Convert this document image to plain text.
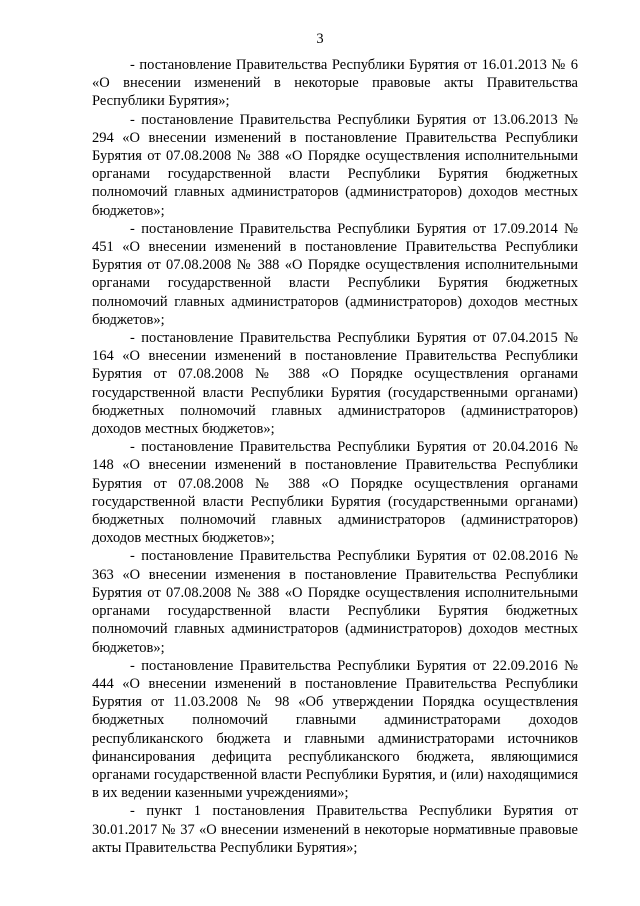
3

- постановление Правительства Республики Бурятия от 16.01.2013 № 6 «О внесении изменений в некоторые правовые акты Правительства Республики Бурятия»;

- постановление Правительства Республики Бурятия от 13.06.2013 № 294 «О внесении изменений в постановление Правительства Республики Бурятия от 07.08.2008 № 388 «О Порядке осуществления исполнительными органами государственной власти Республики Бурятия бюджетных полномочий главных администраторов (администраторов) доходов местных бюджетов»;

- постановление Правительства Республики Бурятия от 17.09.2014 № 451 «О внесении изменений в постановление Правительства Республики Бурятия от 07.08.2008 № 388 «О Порядке осуществления исполнительными органами государственной власти Республики Бурятия бюджетных полномочий главных администраторов (администраторов) доходов местных бюджетов»;

- постановление Правительства Республики Бурятия от 07.04.2015 № 164 «О внесении изменений в постановление Правительства Республики Бурятия от 07.08.2008 № 388 «О Порядке осуществления органами государственной власти Республики Бурятия (государственными органами) бюджетных полномочий главных администраторов (администраторов) доходов местных бюджетов»;

- постановление Правительства Республики Бурятия от 20.04.2016 № 148 «О внесении изменений в постановление Правительства Республики Бурятия от 07.08.2008 № 388 «О Порядке осуществления органами государственной власти Республики Бурятия (государственными органами) бюджетных полномочий главных администраторов (администраторов) доходов местных бюджетов»;

- постановление Правительства Республики Бурятия от 02.08.2016 № 363 «О внесении изменения в постановление Правительства Республики Бурятия от 07.08.2008 № 388 «О Порядке осуществления исполнительными органами государственной власти Республики Бурятия бюджетных полномочий главных администраторов (администраторов) доходов местных бюджетов»;

- постановление Правительства Республики Бурятия от 22.09.2016 № 444 «О внесении изменений в постановление Правительства Республики Бурятия от 11.03.2008 № 98 «Об утверждении Порядка осуществления бюджетных полномочий главными администраторами доходов республиканского бюджета и главными администраторами источников финансирования дефицита республиканского бюджета, являющимися органами государственной власти Республики Бурятия, и (или) находящимися в их ведении казенными учреждениями»;

- пункт 1 постановления Правительства Республики Бурятия от 30.01.2017 № 37 «О внесении изменений в некоторые нормативные правовые акты Правительства Республики Бурятия»;
